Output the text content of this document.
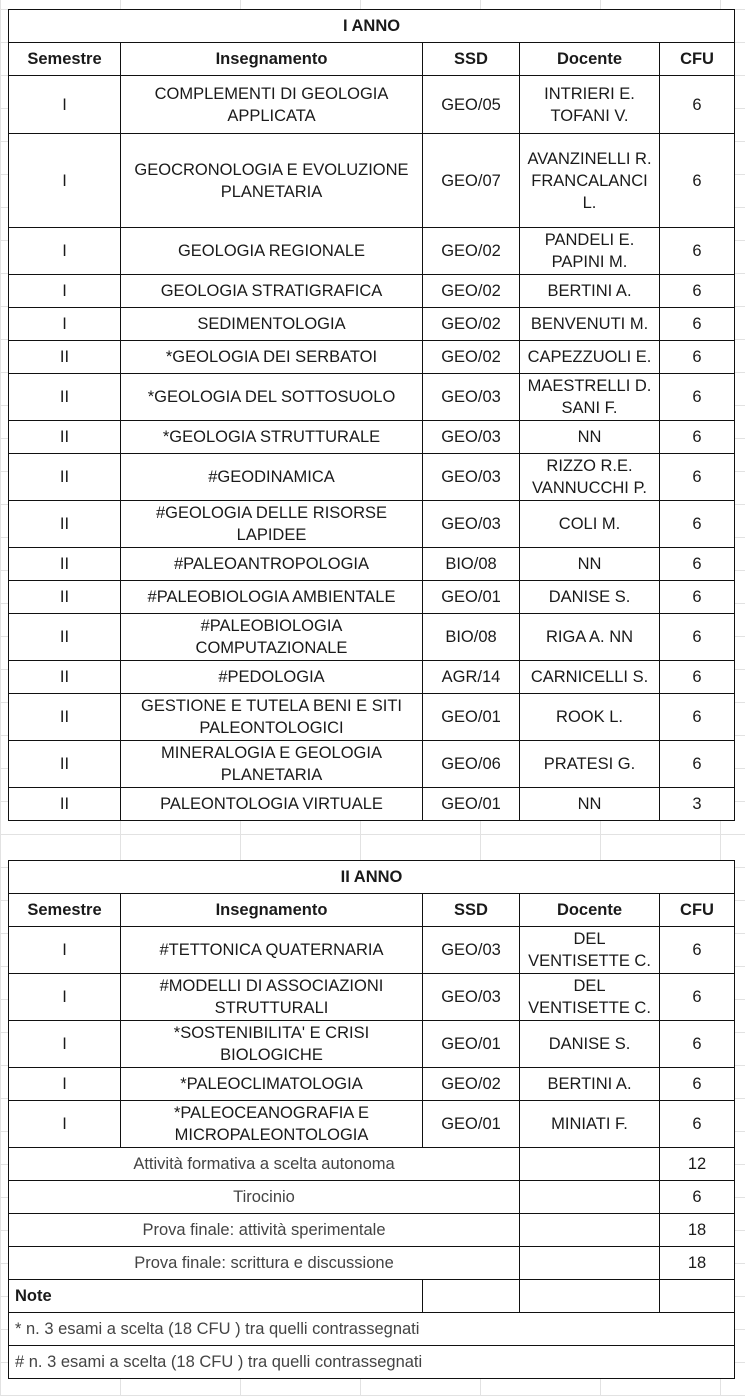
I ANNO				
Semestre	Insegnamento	SSD	Docente	CFU
I	COMPLEMENTI DI GEOLOGIA APPLICATA	GEO/05	INTRIERI E. TOFANI V.	6
I	GEOCRONOLOGIA E EVOLUZIONE PLANETARIA	GEO/07	AVANZINELLI R. FRANCALANCI L.	6
I	GEOLOGIA REGIONALE	GEO/02	PANDELI E. PAPINI M.	6
I	GEOLOGIA STRATIGRAFICA	GEO/02	BERTINI A.	6
I	SEDIMENTOLOGIA	GEO/02	BENVENUTI M.	6
II	*GEOLOGIA DEI SERBATOI	GEO/02	CAPEZZUOLI E.	6
II	*GEOLOGIA DEL SOTTOSUOLO	GEO/03	MAESTRELLI D. SANI F.	6
II	*GEOLOGIA STRUTTURALE	GEO/03	NN	6
II	#GEODINAMICA	GEO/03	RIZZO R.E. VANNUCCHI P.	6
II	#GEOLOGIA DELLE RISORSE LAPIDEE	GEO/03	COLI M.	6
II	#PALEOANTROPOLOGIA	BIO/08	NN	6
II	#PALEOBIOLOGIA AMBIENTALE	GEO/01	DANISE S.	6
II	#PALEOBIOLOGIA COMPUTAZIONALE	BIO/08	RIGA A. NN	6
II	#PEDOLOGIA	AGR/14	CARNICELLI S.	6
II	GESTIONE E TUTELA BENI E SITI PALEONTOLOGICI	GEO/01	ROOK L.	6
II	MINERALOGIA E GEOLOGIA PLANETARIA	GEO/06	PRATESI G.	6
II	PALEONTOLOGIA VIRTUALE	GEO/01	NN	3
II ANNO				
Semestre	Insegnamento	SSD	Docente	CFU
I	#TETTONICA QUATERNARIA	GEO/03	DEL VENTISETTE C.	6
I	#MODELLI DI ASSOCIAZIONI STRUTTURALI	GEO/03	DEL VENTISETTE C.	6
I	*SOSTENIBILITA' E CRISI BIOLOGICHE	GEO/01	DANISE S.	6
I	*PALEOCLIMATOLOGIA	GEO/02	BERTINI A.	6
I	*PALEOCEANOGRAFIA E MICROPALEONTOLOGIA	GEO/01	MINIATI F.	6
Attività formativa a scelta autonoma				12
Tirocinio				6
Prova finale: attività sperimentale				18
Prova finale: scrittura e discussione				18
Note				
* n. 3 esami a scelta (18 CFU ) tra quelli contrassegnati				
# n. 3 esami a scelta (18 CFU ) tra quelli contrassegnati				
